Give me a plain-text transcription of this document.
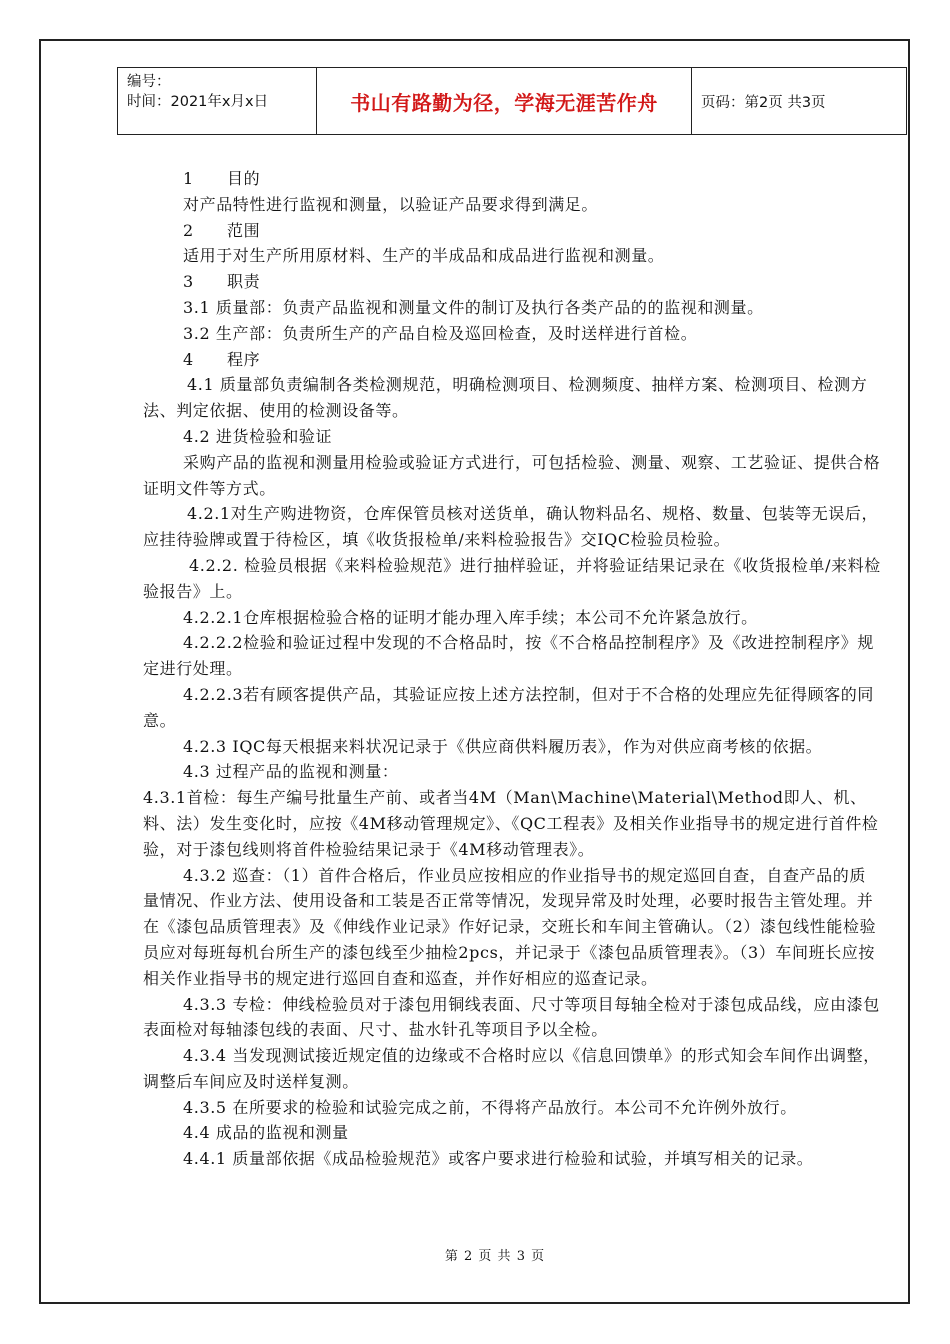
编号：
时间：2021年x月x日	书山有路勤为径，学海无涯苦作舟	页码：第2页 共3页

1 目的

对产品特性进行监视和测量，以验证产品要求得到满足。

2 范围

适用于对生产所用原材料、生产的半成品和成品进行监视和测量。

3 职责

3.1 质量部：负责产品监视和测量文件的制订及执行各类产品的的监视和测量。

3.2 生产部：负责所生产的产品自检及巡回检查，及时送样进行首检。

4 程序

4.1 质量部负责编制各类检测规范，明确检测项目、检测频度、抽样方案、检测项目、检测方法、判定依据、使用的检测设备等。

4.2 进货检验和验证

采购产品的监视和测量用检验或验证方式进行，可包括检验、测量、观察、工艺验证、提供合格证明文件等方式。

4.2.1对生产购进物资，仓库保管员核对送货单，确认物料品名、规格、数量、包装等无误后，应挂待验牌或置于待检区，填《收货报检单/来料检验报告》交IQC检验员检验。

4.2.2. 检验员根据《来料检验规范》进行抽样验证，并将验证结果记录在《收货报检单/来料检验报告》上。

4.2.2.1仓库根据检验合格的证明才能办理入库手续；本公司不允许紧急放行。

4.2.2.2检验和验证过程中发现的不合格品时，按《不合格品控制程序》及《改进控制程序》规定进行处理。

4.2.2.3若有顾客提供产品，其验证应按上述方法控制，但对于不合格的处理应先征得顾客的同意。

4.2.3 IQC每天根据来料状况记录于《供应商供料履历表》，作为对供应商考核的依据。

4.3 过程产品的监视和测量：

4.3.1首检：每生产编号批量生产前、或者当4M（Man\Machine\Material\Method即人、机、料、法）发生变化时，应按《4M移动管理规定》、《QC工程表》及相关作业指导书的规定进行首件检验，对于漆包线则将首件检验结果记录于《4M移动管理表》。

4.3.2 巡查：（1）首件合格后，作业员应按相应的作业指导书的规定巡回自查，自查产品的质量情况、作业方法、使用设备和工装是否正常等情况，发现异常及时处理，必要时报告主管处理。并在《漆包品质管理表》及《伸线作业记录》作好记录，交班长和车间主管确认。（2）漆包线性能检验员应对每班每机台所生产的漆包线至少抽检2pcs，并记录于《漆包品质管理表》。（3）车间班长应按相关作业指导书的规定进行巡回自查和巡查，并作好相应的巡查记录。

4.3.3 专检：伸线检验员对于漆包用铜线表面、尺寸等项目每轴全检对于漆包成品线，应由漆包表面检对每轴漆包线的表面、尺寸、盐水针孔等项目予以全检。

4.3.4 当发现测试接近规定值的边缘或不合格时应以《信息回馈单》的形式知会车间作出调整，调整后车间应及时送样复测。

4.3.5 在所要求的检验和试验完成之前，不得将产品放行。本公司不允许例外放行。

4.4 成品的监视和测量

4.4.1 质量部依据《成品检验规范》或客户要求进行检验和试验，并填写相关的记录。

第 2 页 共 3 页
